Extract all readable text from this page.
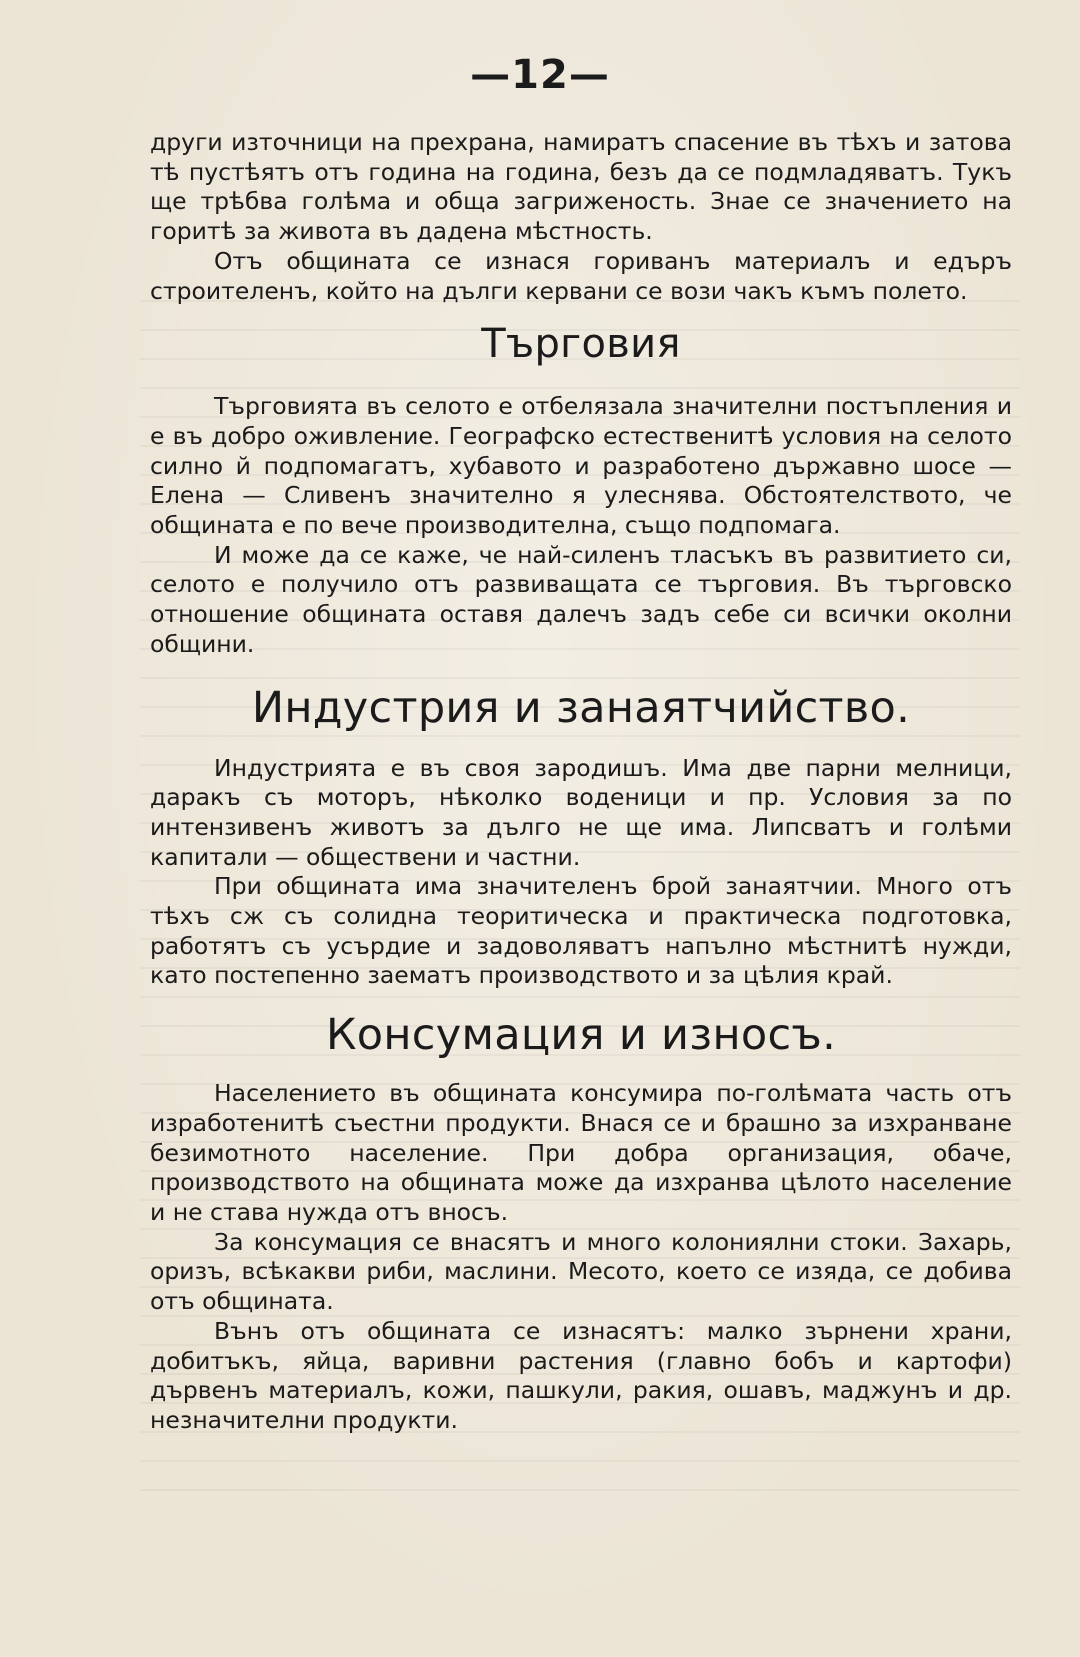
—12—

други източници на прехрана, намиратъ спасение въ тѣхъ и затова тѣ пустѣятъ отъ година на година, безъ да се подмладяватъ. Тукъ ще трѣбва голѣма и обща загриженость. Знае се значението на горитѣ за живота въ дадена мѣстность.

Отъ общината се изнася гориванъ материалъ и едъръ строителенъ, който на дълги кервани се вози чакъ къмъ полето.

Търговия

Търговията въ селото е отбелязала значителни постъпления и е въ добро оживление. Географско естественитѣ условия на селото силно й подпомагатъ, хубавото и разработено държавно шосе — Елена — Сливенъ значително я улеснява. Обстоятелството, че общината е по вече производителна, също подпомага.

И може да се каже, че най-силенъ тласъкъ въ развитието си, селото е получило отъ развиващата се търговия. Въ търговско отношение общината оставя далечъ задъ себе си всички околни общини.

Индустрия и занаятчийство.

Индустрията е въ своя зародишъ. Има две парни мелници, даракъ съ моторъ, нѣколко воденици и пр. Условия за по интензивенъ животъ за дълго не ще има. Липсватъ и голѣми капитали — обществени и частни.

При общината има значителенъ брой занаятчии. Много отъ тѣхъ сж съ солидна теоритическа и практическа подготовка, работятъ съ усърдие и задоволяватъ напълно мѣстнитѣ нужди, като постепенно заематъ производството и за цѣлия край.

Консумация и износъ.

Населението въ общината консумира по-голѣмата часть отъ изработенитѣ съестни продукти. Внася се и брашно за изхранване безимотното население. При добра организация, обаче, производството на общината може да изхранва цѣлото население и не става нужда отъ вносъ.

За консумация се внасятъ и много колониялни стоки. Захарь, оризъ, всѣкакви риби, маслини. Месото, което се изяда, се добива отъ общината.

Вънъ отъ общината се изнасятъ: малко зърнени храни, добитъкъ, яйца, варивни растения (главно бобъ и картофи) дървенъ материалъ, кожи, пашкули, ракия, ошавъ, маджунъ и др. незначителни продукти.
